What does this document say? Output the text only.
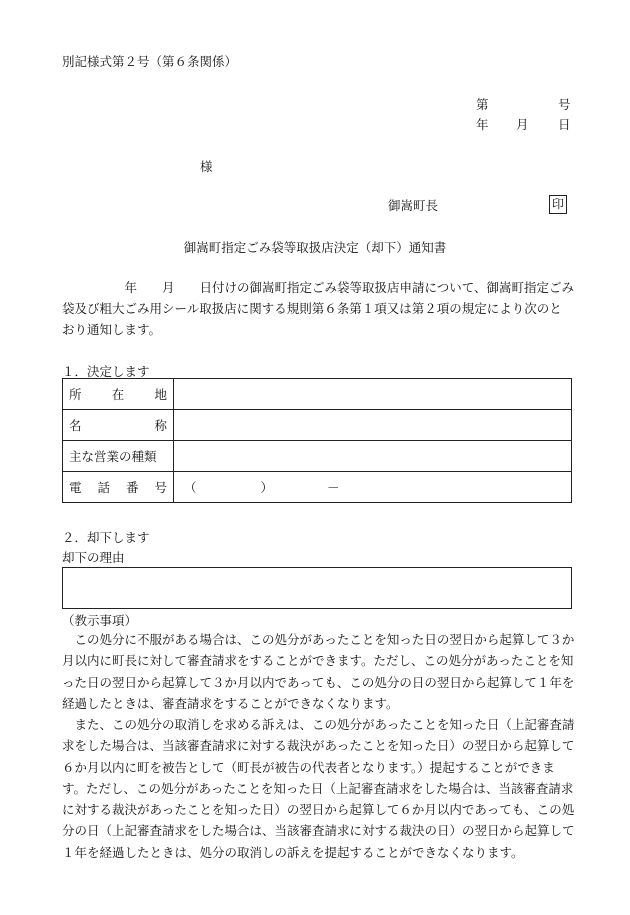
別記様式第２号（第６条関係）
第	号
年 月 日
様
御嵩町長	印
御嵩町指定ごみ袋等取扱店決定（却下）通知書
　　　　　年　　月　　日付けの御嵩町指定ごみ袋等取扱店申請について、御嵩町指定ごみ袋及び粗大ごみ用シール取扱店に関する規則第６条第１項又は第２項の規定により次のとおり通知します。
１．決定します
所 在 地	

名 称	

主な営業の種類	

電 話 番 号	（ ） －
２．却下します
却下の理由
（教示事項）

　この処分に不服がある場合は、この処分があったことを知った日の翌日から起算して３か月以内に町長に対して審査請求をすることができます。ただし、この処分があったことを知った日の翌日から起算して３か月以内であっても、この処分の日の翌日から起算して１年を経過したときは、審査請求をすることができなくなります。

　また、この処分の取消しを求める訴えは、この処分があったことを知った日（上記審査請求をした場合は、当該審査請求に対する裁決があったことを知った日）の翌日から起算して６か月以内に町を被告として（町長が被告の代表者となります。）提起することができます。ただし、この処分があったことを知った日（上記審査請求をした場合は、当該審査請求に対する裁決があったことを知った日）の翌日から起算して６か月以内であっても、この処分の日（上記審査請求をした場合は、当該審査請求に対する裁決の日）の翌日から起算して１年を経過したときは、処分の取消しの訴えを提起することができなくなります。
